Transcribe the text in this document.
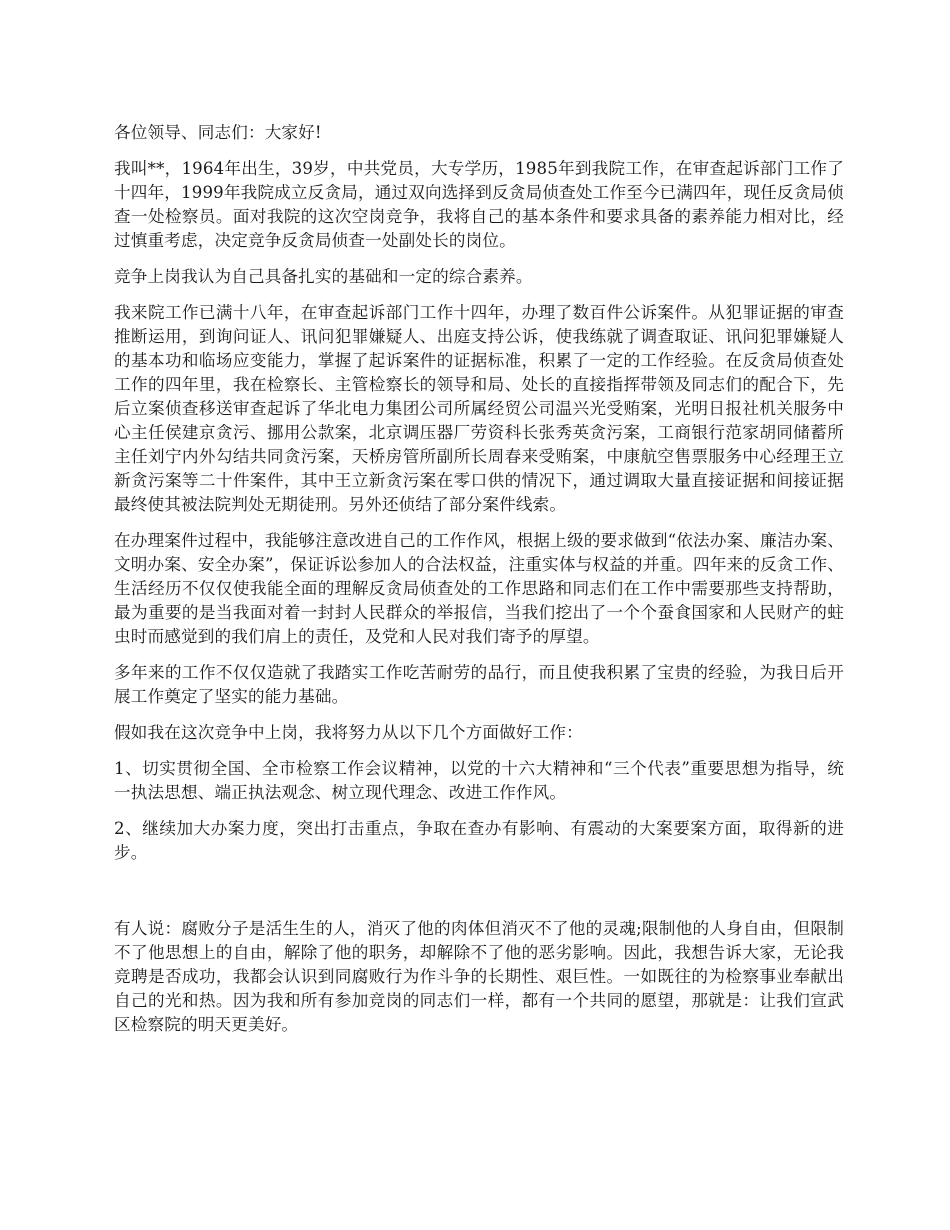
各位领导、同志们：大家好!

我叫**，1964年出生，39岁，中共党员，大专学历，1985年到我院工作，在审查起诉部门工作了十四年，1999年我院成立反贪局，通过双向选择到反贪局侦查处工作至今已满四年，现任反贪局侦查一处检察员。面对我院的这次空岗竞争，我将自己的基本条件和要求具备的素养能力相对比，经过慎重考虑，决定竞争反贪局侦查一处副处长的岗位。

竞争上岗我认为自己具备扎实的基础和一定的综合素养。

我来院工作已满十八年，在审查起诉部门工作十四年，办理了数百件公诉案件。从犯罪证据的审查推断运用，到询问证人、讯问犯罪嫌疑人、出庭支持公诉，使我练就了调查取证、讯问犯罪嫌疑人的基本功和临场应变能力，掌握了起诉案件的证据标准，积累了一定的工作经验。在反贪局侦查处工作的四年里，我在检察长、主管检察长的领导和局、处长的直接指挥带领及同志们的配合下，先后立案侦查移送审查起诉了华北电力集团公司所属经贸公司温兴光受贿案，光明日报社机关服务中心主任侯建京贪污、挪用公款案，北京调压器厂劳资科长张秀英贪污案，工商银行范家胡同储蓄所主任刘宁内外勾结共同贪污案，天桥房管所副所长周春来受贿案，中康航空售票服务中心经理王立新贪污案等二十件案件，其中王立新贪污案在零口供的情况下，通过调取大量直接证据和间接证据最终使其被法院判处无期徒刑。另外还侦结了部分案件线索。

在办理案件过程中，我能够注意改进自己的工作作风，根据上级的要求做到“依法办案、廉洁办案、文明办案、安全办案”，保证诉讼参加人的合法权益，注重实体与权益的并重。四年来的反贪工作、生活经历不仅仅使我能全面的理解反贪局侦查处的工作思路和同志们在工作中需要那些支持帮助，最为重要的是当我面对着一封封人民群众的举报信，当我们挖出了一个个蚕食国家和人民财产的蛀虫时而感觉到的我们肩上的责任，及党和人民对我们寄予的厚望。

多年来的工作不仅仅造就了我踏实工作吃苦耐劳的品行，而且使我积累了宝贵的经验，为我日后开展工作奠定了坚实的能力基础。

假如我在这次竞争中上岗，我将努力从以下几个方面做好工作：

1、切实贯彻全国、全市检察工作会议精神，以党的十六大精神和“三个代表”重要思想为指导，统一执法思想、端正执法观念、树立现代理念、改进工作作风。

2、继续加大办案力度，突出打击重点，争取在查办有影响、有震动的大案要案方面，取得新的进步。

有人说：腐败分子是活生生的人，消灭了他的肉体但消灭不了他的灵魂;限制他的人身自由，但限制不了他思想上的自由，解除了他的职务，却解除不了他的恶劣影响。因此，我想告诉大家，无论我竞聘是否成功，我都会认识到同腐败行为作斗争的长期性、艰巨性。一如既往的为检察事业奉献出自己的光和热。因为我和所有参加竞岗的同志们一样，都有一个共同的愿望，那就是：让我们宣武区检察院的明天更美好。
